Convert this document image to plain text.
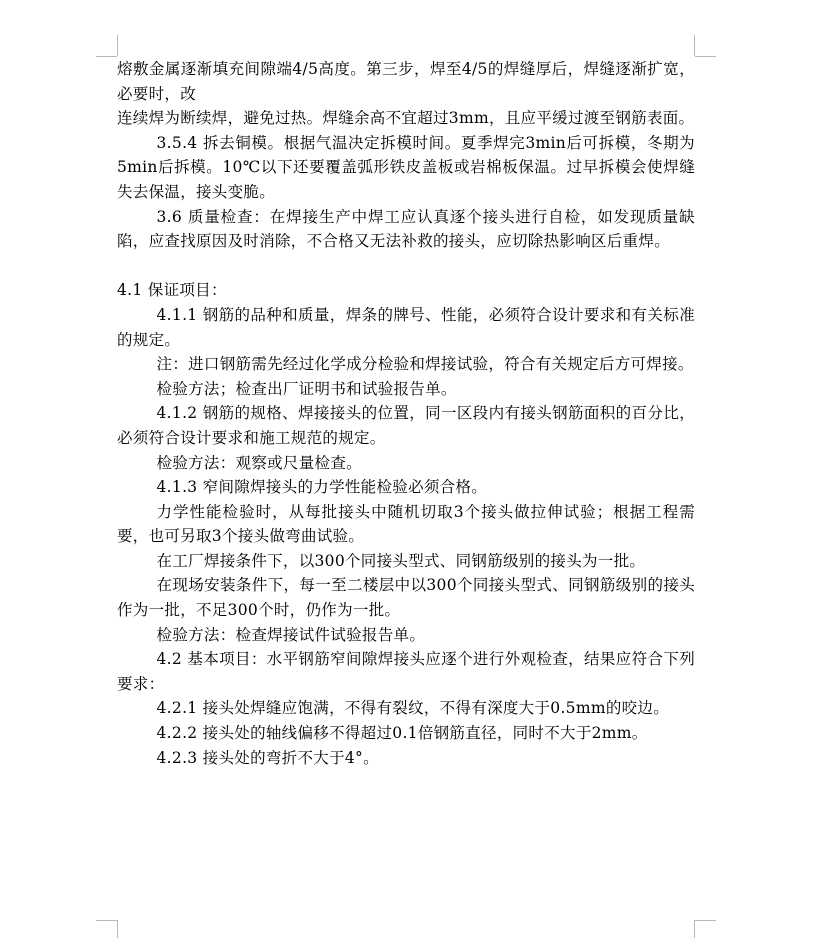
熔敷金属逐渐填充间隙端4/5高度。第三步，焊至4/5的焊缝厚后，焊缝逐渐扩宽，必要时，改

连续焊为断续焊，避免过热。焊缝余高不宜超过3mm，且应平缓过渡至钢筋表面。

3.5.4 拆去铜模。根据气温决定拆模时间。夏季焊完3min后可拆模，冬期为5min后拆模。10℃以下还要覆盖弧形铁皮盖板或岩棉板保温。过早拆模会使焊缝失去保温，接头变脆。

3.6 质量检查：在焊接生产中焊工应认真逐个接头进行自检，如发现质量缺陷，应查找原因及时消除，不合格又无法补救的接头，应切除热影响区后重焊。

4.1 保证项目：

4.1.1 钢筋的品种和质量，焊条的牌号、性能，必须符合设计要求和有关标准的规定。

注：进口钢筋需先经过化学成分检验和焊接试验，符合有关规定后方可焊接。

检验方法；检查出厂证明书和试验报告单。

4.1.2 钢筋的规格、焊接接头的位置，同一区段内有接头钢筋面积的百分比，必须符合设计要求和施工规范的规定。

检验方法：观察或尺量检查。

4.1.3 窄间隙焊接头的力学性能检验必须合格。

力学性能检验时，从每批接头中随机切取3个接头做拉伸试验；根据工程需要，也可另取3个接头做弯曲试验。

在工厂焊接条件下，以300个同接头型式、同钢筋级别的接头为一批。

在现场安装条件下，每一至二楼层中以300个同接头型式、同钢筋级别的接头作为一批，不足300个时，仍作为一批。

检验方法：检查焊接试件试验报告单。

4.2 基本项目：水平钢筋窄间隙焊接头应逐个进行外观检查，结果应符合下列要求：

4.2.1 接头处焊缝应饱满，不得有裂纹，不得有深度大于0.5mm的咬边。

4.2.2 接头处的轴线偏移不得超过0.1倍钢筋直径，同时不大于2mm。

4.2.3 接头处的弯折不大于4°。
